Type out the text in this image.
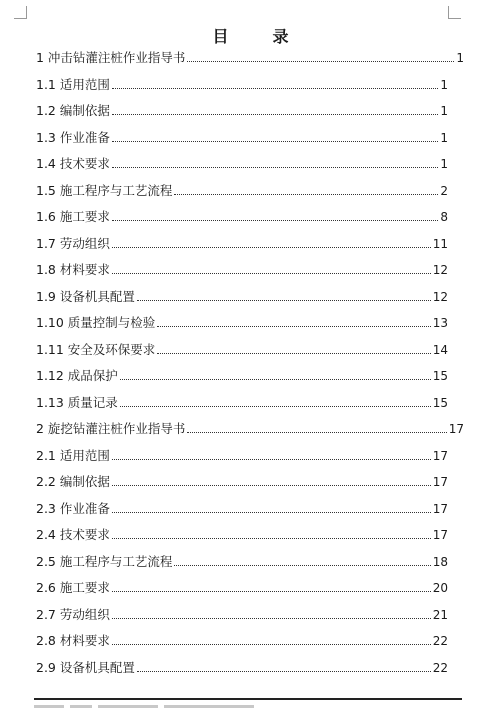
目　录
1 冲击钻灌注桩作业指导书	1
1.1 适用范围	1
1.2 编制依据	1
1.3 作业准备	1
1.4 技术要求	1
1.5 施工程序与工艺流程	2
1.6 施工要求	8
1.7 劳动组织	11
1.8 材料要求	12
1.9 设备机具配置	12
1.10 质量控制与检验	13
1.11 安全及环保要求	14
1.12 成品保护	15
1.13 质量记录	15
2 旋挖钻灌注桩作业指导书	17
2.1 适用范围	17
2.2 编制依据	17
2.3 作业准备	17
2.4 技术要求	17
2.5 施工程序与工艺流程	18
2.6 施工要求	20
2.7 劳动组织	21
2.8 材料要求	22
2.9 设备机具配置	22
